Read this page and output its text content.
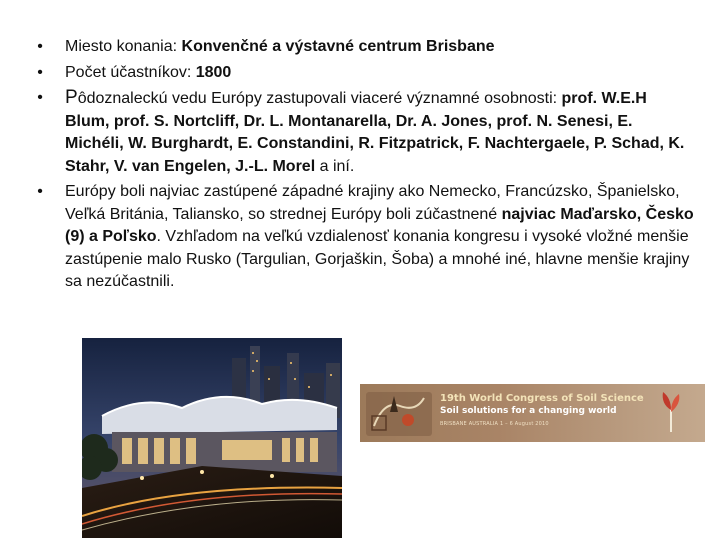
•	Miesto konania: Konvenčné a výstavné centrum Brisbane
•	Počet účastníkov: 1800
•	Pôdoznaleckú vedu Európy zastupovali viaceré významné osobnosti: prof. W.E.H Blum, prof. S. Nortcliff, Dr. L. Montanarella, Dr. A. Jones, prof. N. Senesi, E. Michéli, W. Burghardt, E. Constandini, R. Fitzpatrick, F. Nachtergaele, P. Schad, K. Stahr, V. van Engelen, J.-L. Morel a iní.
•	Európy boli najviac zastúpené západné krajiny ako Nemecko, Francúzsko, Španielsko, Veľká Británia, Taliansko, so strednej Európy boli zúčastnené najviac Maďarsko, Česko (9) a Poľsko. Vzhľadom na veľkú vzdialenosť konania kongresu i vysoké vložné menšie zastúpenie malo Rusko (Targulian, Gorjaškin, Šoba) a mnohé iné, hlavne menšie krajiny sa nezúčastnili.
19th World Congress of Soil Science
Soil solutions for a changing world
BRISBANE AUSTRALIA 1 – 6 August 2010
